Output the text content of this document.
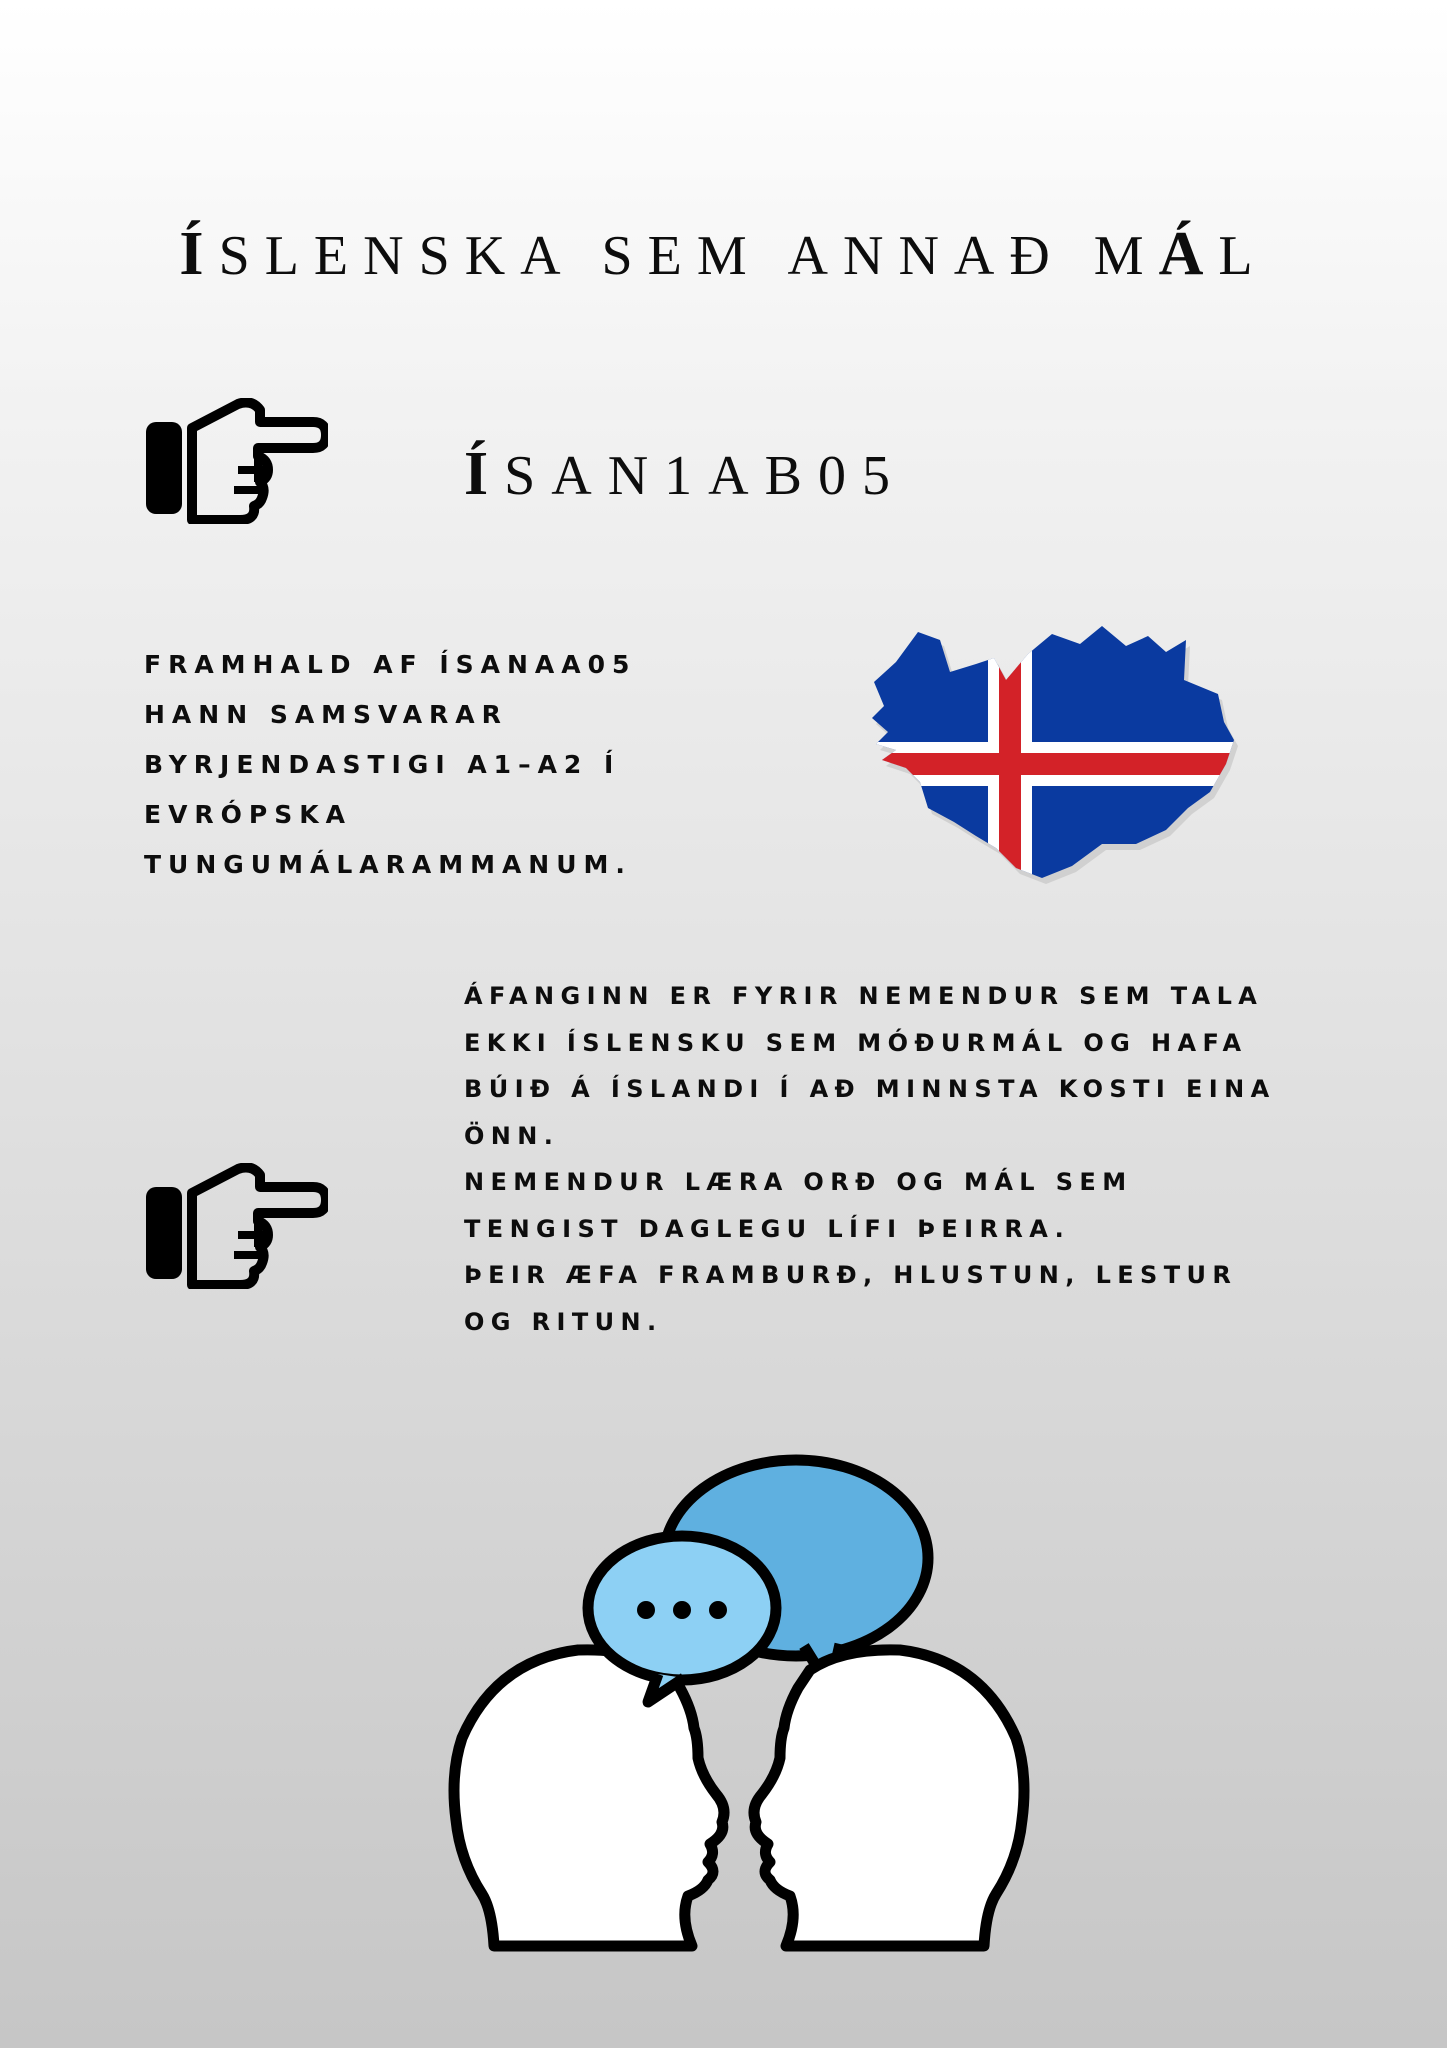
ÍSLENSKA SEM ANNAÐ MÁL
ÍSAN1AB05
FRAMHALD AF ÍSANAA05
HANN SAMSVARAR
BYRJENDASTIGI A1–A2 Í
EVRÓPSKA
TUNGUMÁLARAMMANUM.
ÁFANGINN ER FYRIR NEMENDUR SEM TALA
EKKI ÍSLENSKU SEM MÓÐURMÁL OG HAFA
BÚIÐ Á ÍSLANDI Í AÐ MINNSTA KOSTI EINA
ÖNN.
NEMENDUR LÆRA ORÐ OG MÁL SEM
TENGIST DAGLEGU LÍFI ÞEIRRA.
ÞEIR ÆFA FRAMBURÐ, HLUSTUN, LESTUR
OG RITUN.
